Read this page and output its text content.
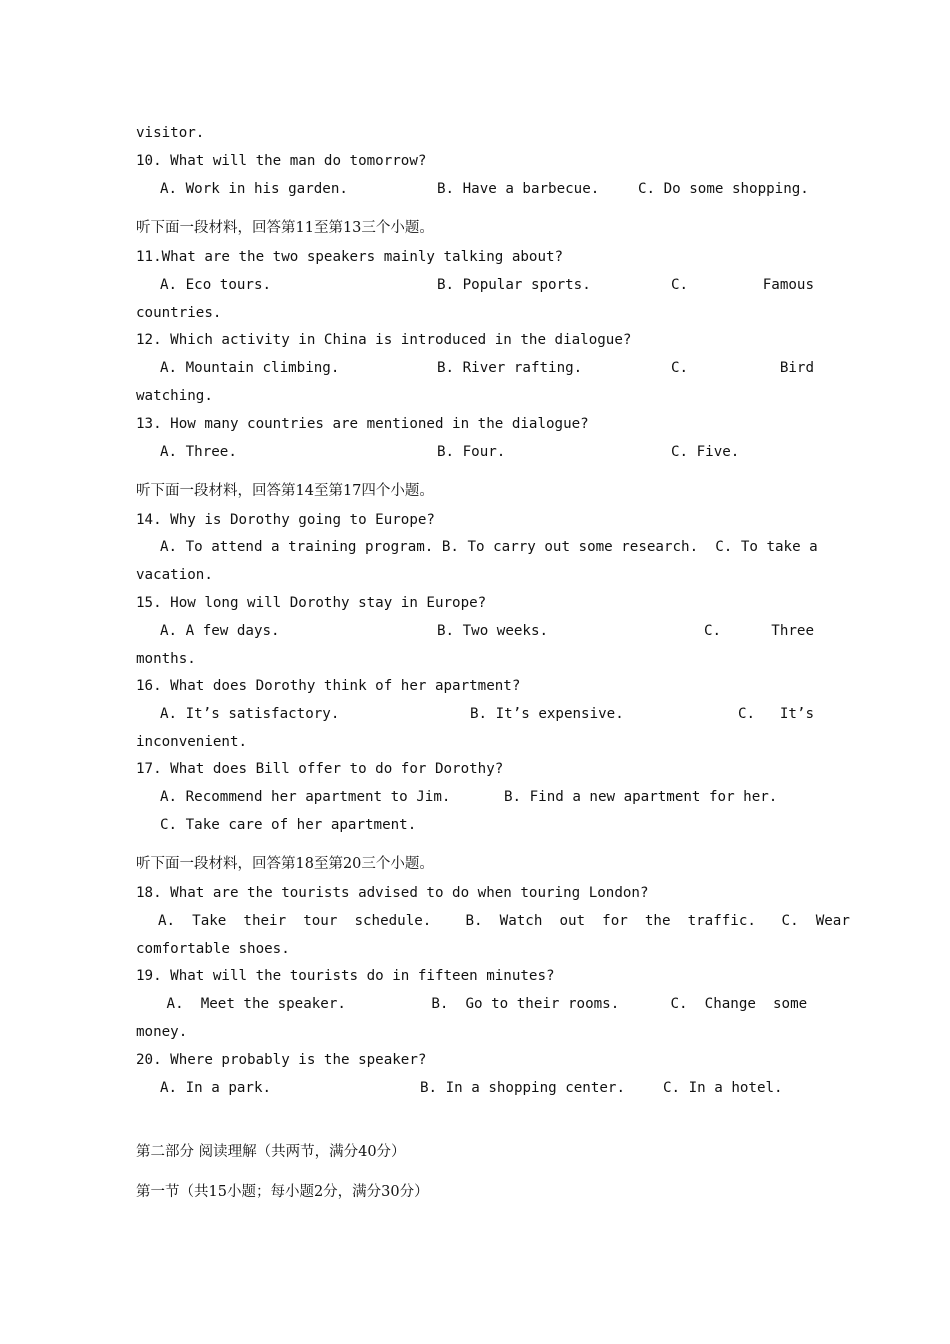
visitor.
10. What will the man do tomorrow?
A. Work in his garden.	B. Have a barbecue.	C. Do some shopping.
听下面一段材料，回答第11至第13三个小题。
11.What are the two speakers mainly talking about?
A. Eco tours.	B. Popular sports.	C.	Famous
countries.
12. Which activity in China is introduced in the dialogue?
A. Mountain climbing.	B. River rafting.	C.	Bird
watching.
13. How many countries are mentioned in the dialogue?
A. Three.	B. Four.	C. Five.
听下面一段材料，回答第14至第17四个小题。
14. Why is Dorothy going to Europe?
A. To attend a training program. B. To carry out some research.  C. To take a
vacation.
15. How long will Dorothy stay in Europe?
A. A few days.	B. Two weeks.	C.	Three
months.
16. What does Dorothy think of her apartment?
A. It’s satisfactory.	B. It’s expensive.	C. It’s
inconvenient.
17. What does Bill offer to do for Dorothy?
A. Recommend her apartment to Jim.	B. Find a new apartment for her.
C. Take care of her apartment.
听下面一段材料，回答第18至第20三个小题。
18. What are the tourists advised to do when touring London?
A.  Take  their  tour  schedule.    B.  Watch  out  for  the  traffic.   C.  Wear
comfortable shoes.
19. What will the tourists do in fifteen minutes?
A.  Meet the speaker.          B.  Go to their rooms.      C.  Change  some
money.
20. Where probably is the speaker?
A. In a park.	B. In a shopping center.	C. In a hotel.
第二部分 阅读理解（共两节，满分40分）
第一节（共15小题；每小题2分，满分30分）
